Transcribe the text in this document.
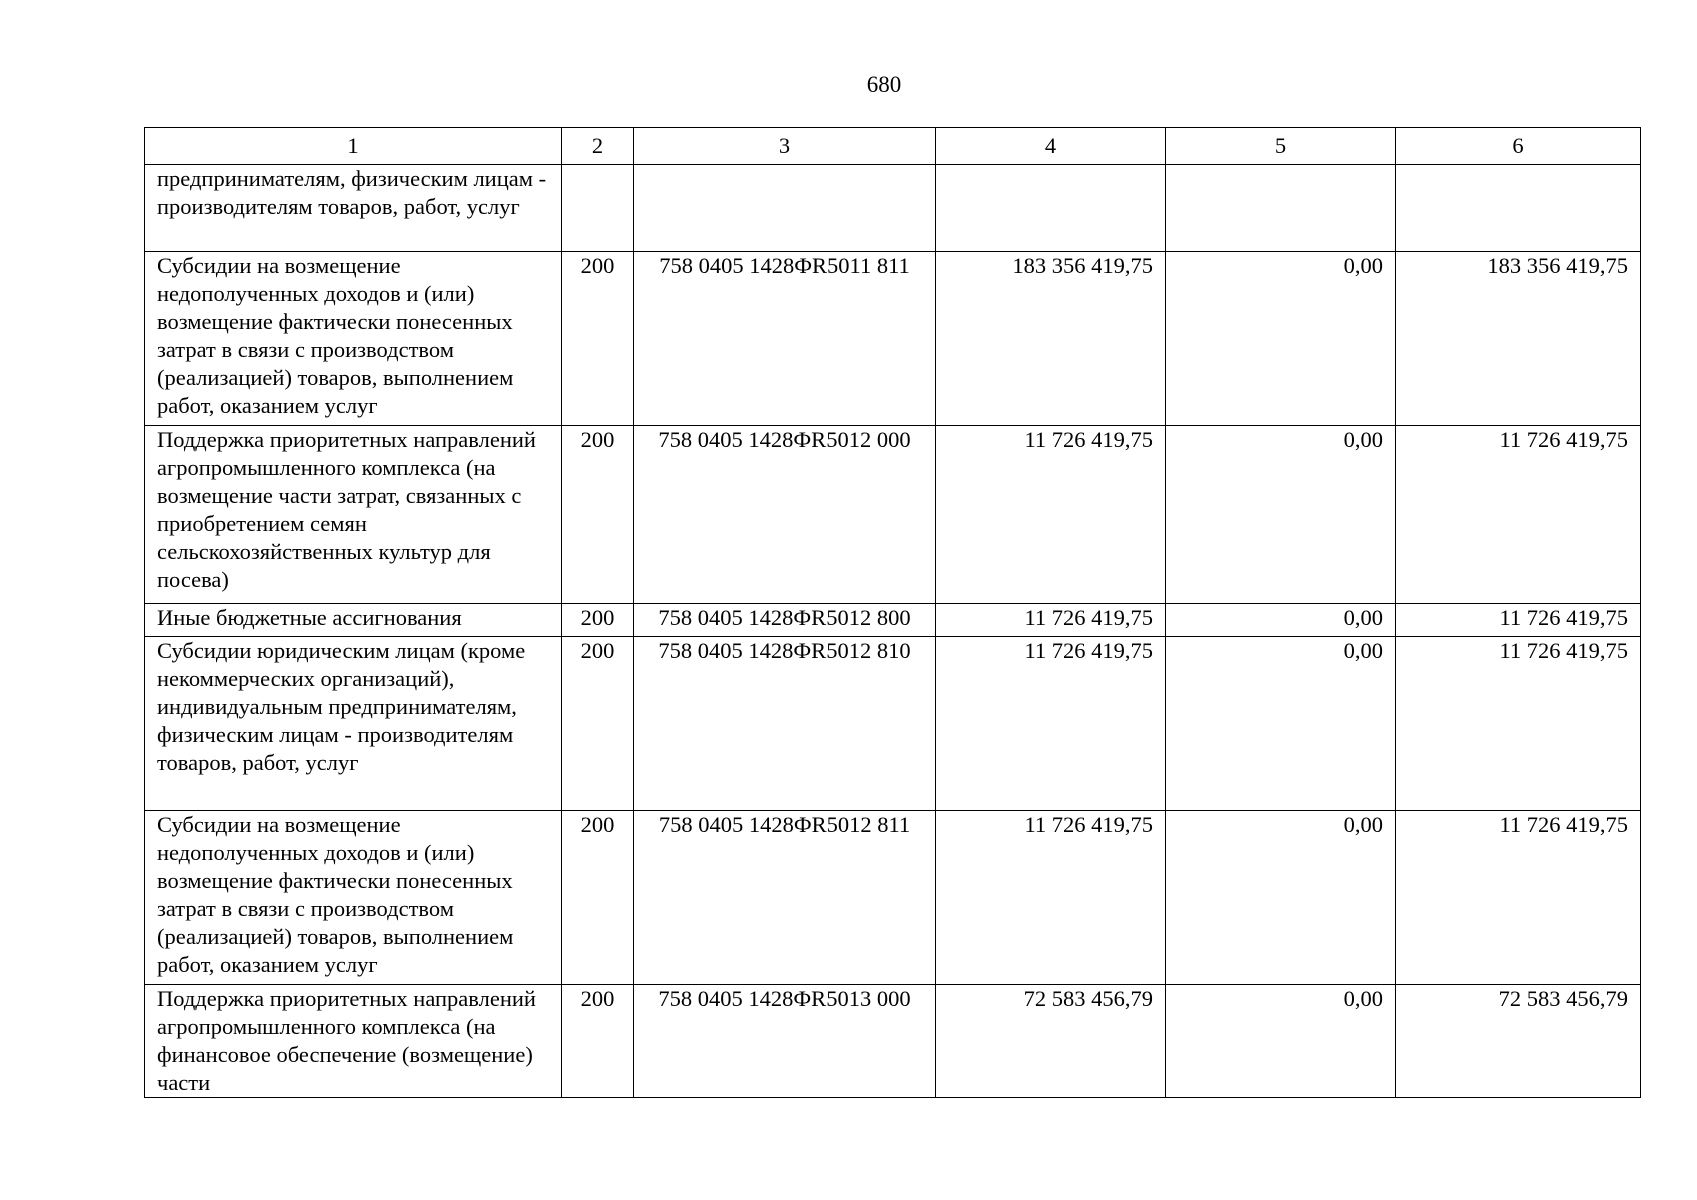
680
1	2	3	4	5	6
предпринимателям, физическим лицам - производителям товаров, работ, услуг					
Субсидии на возмещение недополученных доходов и (или) возмещение фактически понесенных затрат в связи с производством (реализацией) товаров, выполнением работ, оказанием услуг	200	758 0405 1428ФR5011 811	183 356 419,75	0,00	183 356 419,75
Поддержка приоритетных направлений агропромышленного комплекса (на возмещение части затрат, связанных с приобретением семян сельскохозяйственных культур для посева)	200	758 0405 1428ФR5012 000	11 726 419,75	0,00	11 726 419,75
Иные бюджетные ассигнования	200	758 0405 1428ФR5012 800	11 726 419,75	0,00	11 726 419,75
Субсидии юридическим лицам (кроме некоммерческих организаций), индивидуальным предпринимателям, физическим лицам - производителям товаров, работ, услуг	200	758 0405 1428ФR5012 810	11 726 419,75	0,00	11 726 419,75
Субсидии на возмещение недополученных доходов и (или) возмещение фактически понесенных затрат в связи с производством (реализацией) товаров, выполнением работ, оказанием услуг	200	758 0405 1428ФR5012 811	11 726 419,75	0,00	11 726 419,75
Поддержка приоритетных направлений агропромышленного комплекса (на финансовое обеспечение (возмещение) части	200	758 0405 1428ФR5013 000	72 583 456,79	0,00	72 583 456,79
